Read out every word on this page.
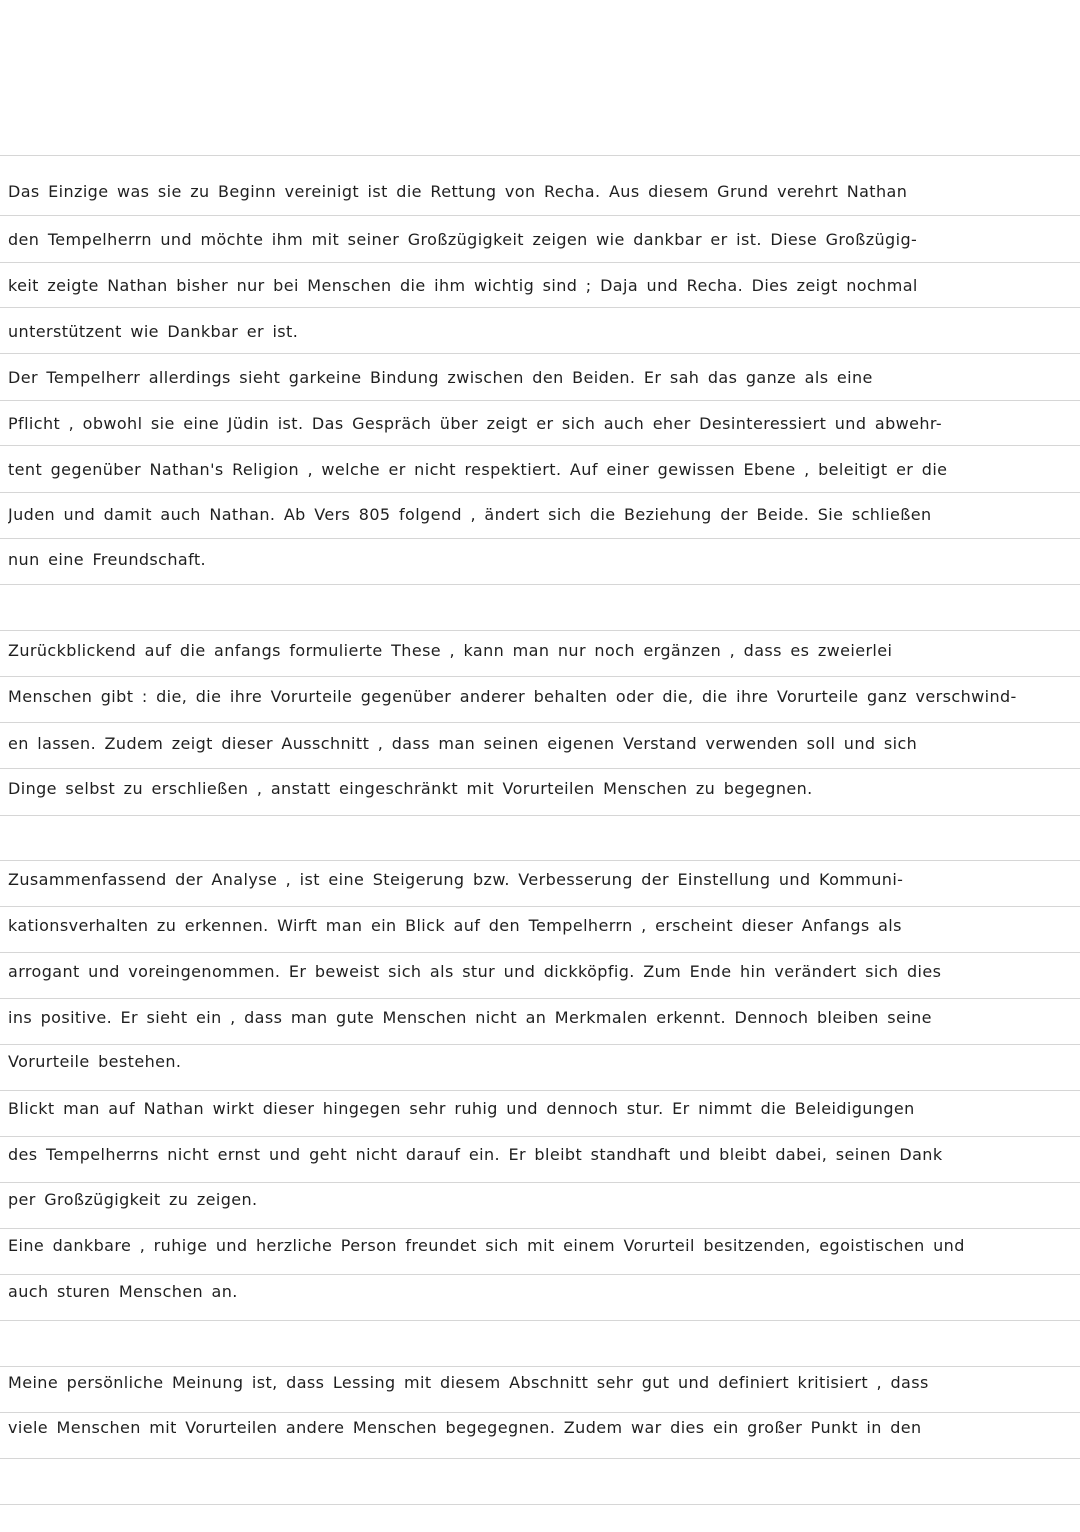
Das Einzige was sie zu Beginn vereinigt ist die Rettung von Recha. Aus diesem Grund verehrt Nathan
den Tempelherrn und möchte ihm mit seiner Großzügigkeit zeigen wie dankbar er ist. Diese Großzügig-
keit zeigte Nathan bisher nur bei Menschen die ihm wichtig sind ; Daja und Recha. Dies zeigt nochmal
unterstützent wie Dankbar er ist.
Der Tempelherr allerdings sieht garkeine Bindung zwischen den Beiden. Er sah das ganze als eine
Pflicht , obwohl sie eine Jüdin ist. Das Gespräch über zeigt er sich auch eher Desinteressiert und abwehr-
tent gegenüber Nathan's Religion , welche er nicht respektiert. Auf einer gewissen Ebene , beleitigt er die
Juden und damit auch Nathan. Ab Vers 805 folgend , ändert sich die Beziehung der Beide. Sie schließen
nun eine Freundschaft.
Zurückblickend auf die anfangs formulierte These , kann man nur noch ergänzen , dass es zweierlei
Menschen gibt : die, die ihre Vorurteile gegenüber anderer behalten oder die, die ihre Vorurteile ganz verschwind-
en lassen. Zudem zeigt dieser Ausschnitt , dass man seinen eigenen Verstand verwenden soll und sich
Dinge selbst zu erschließen , anstatt eingeschränkt mit Vorurteilen Menschen zu begegnen.
Zusammenfassend der Analyse , ist eine Steigerung bzw. Verbesserung der Einstellung und Kommuni-
kationsverhalten zu erkennen. Wirft man ein Blick auf den Tempelherrn , erscheint dieser Anfangs als
arrogant und voreingenommen. Er beweist sich als stur und dickköpfig. Zum Ende hin verändert sich dies
ins positive. Er sieht ein , dass man gute Menschen nicht an Merkmalen erkennt. Dennoch bleiben seine
Vorurteile bestehen.
Blickt man auf Nathan wirkt dieser hingegen sehr ruhig und dennoch stur. Er nimmt die Beleidigungen
des Tempelherrns nicht ernst und geht nicht darauf ein. Er bleibt standhaft und bleibt dabei, seinen Dank
per Großzügigkeit zu zeigen.
Eine dankbare , ruhige und herzliche Person freundet sich mit einem Vorurteil besitzenden, egoistischen und
auch sturen Menschen an.
Meine persönliche Meinung ist, dass Lessing mit diesem Abschnitt sehr gut und definiert kritisiert , dass
viele Menschen mit Vorurteilen andere Menschen begegegnen. Zudem war dies ein großer Punkt in den
